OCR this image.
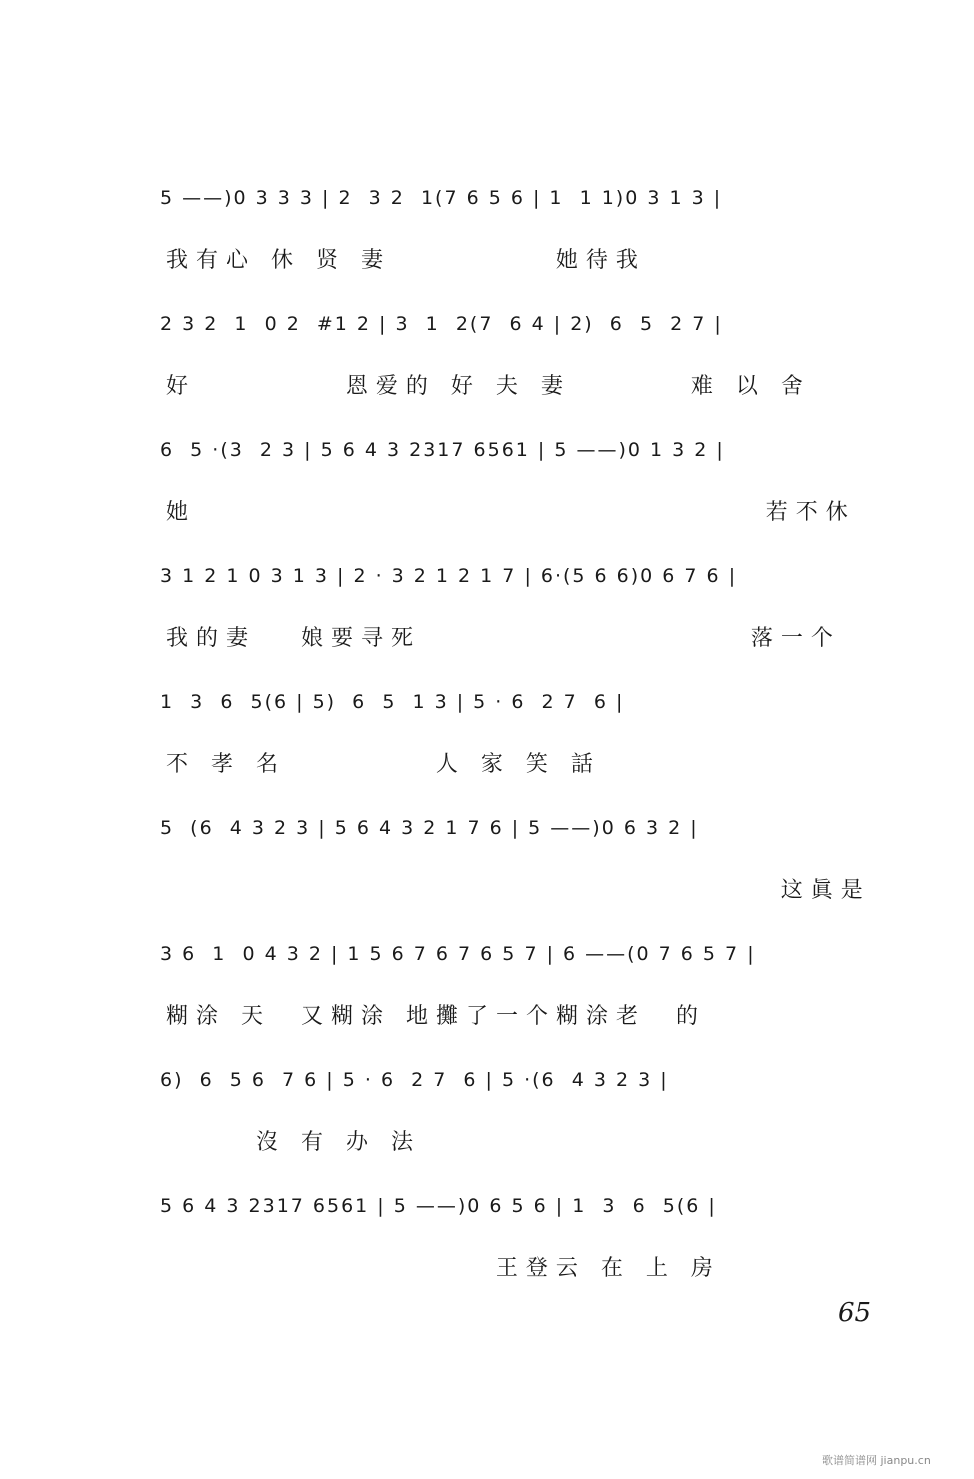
5 ——)0 3 3 3 | 2  3 2  1(7 6 5 6 | 1  1 1)0 3 1 3 |
我有心 休 贤 妻           她待我
2 3 2  1  0 2  #1 2 | 3  1  2(7  6 4 | 2)  6  5  2 7 |
好          恩爱的 好 夫 妻        难 以 舍
6  5 ·(3  2 3 | 5 6 4 3 2317 6561 | 5 ——)0 1 3 2 |
她                                      若不休
3 1 2 1 0 3 1 3 | 2 · 3 2 1 2 1 7 | 6·(5 6 6)0 6 7 6 |
我的妻   娘要寻死                      落一个
1  3  6  5(6 | 5)  6  5  1 3 | 5 · 6  2 7  6 |
不 孝 名          人 家 笑 話
5  (6  4 3 2 3 | 5 6 4 3 2 1 7 6 | 5 ——)0 6 3 2 |
这眞是
3 6  1  0 4 3 2 | 1 5 6 7 6 7 6 5 7 | 6 ——(0 7 6 5 7 |
糊涂 天  又糊涂 地攤了一个糊涂老  的
6)  6  5 6  7 6 | 5 · 6  2 7  6 | 5 ·(6  4 3 2 3 |
沒 有 办 法
5 6 4 3 2317 6561 | 5 ——)0 6 5 6 | 1  3  6  5(6 |
王登云 在 上 房
65
歌谱简谱网 jianpu.cn
